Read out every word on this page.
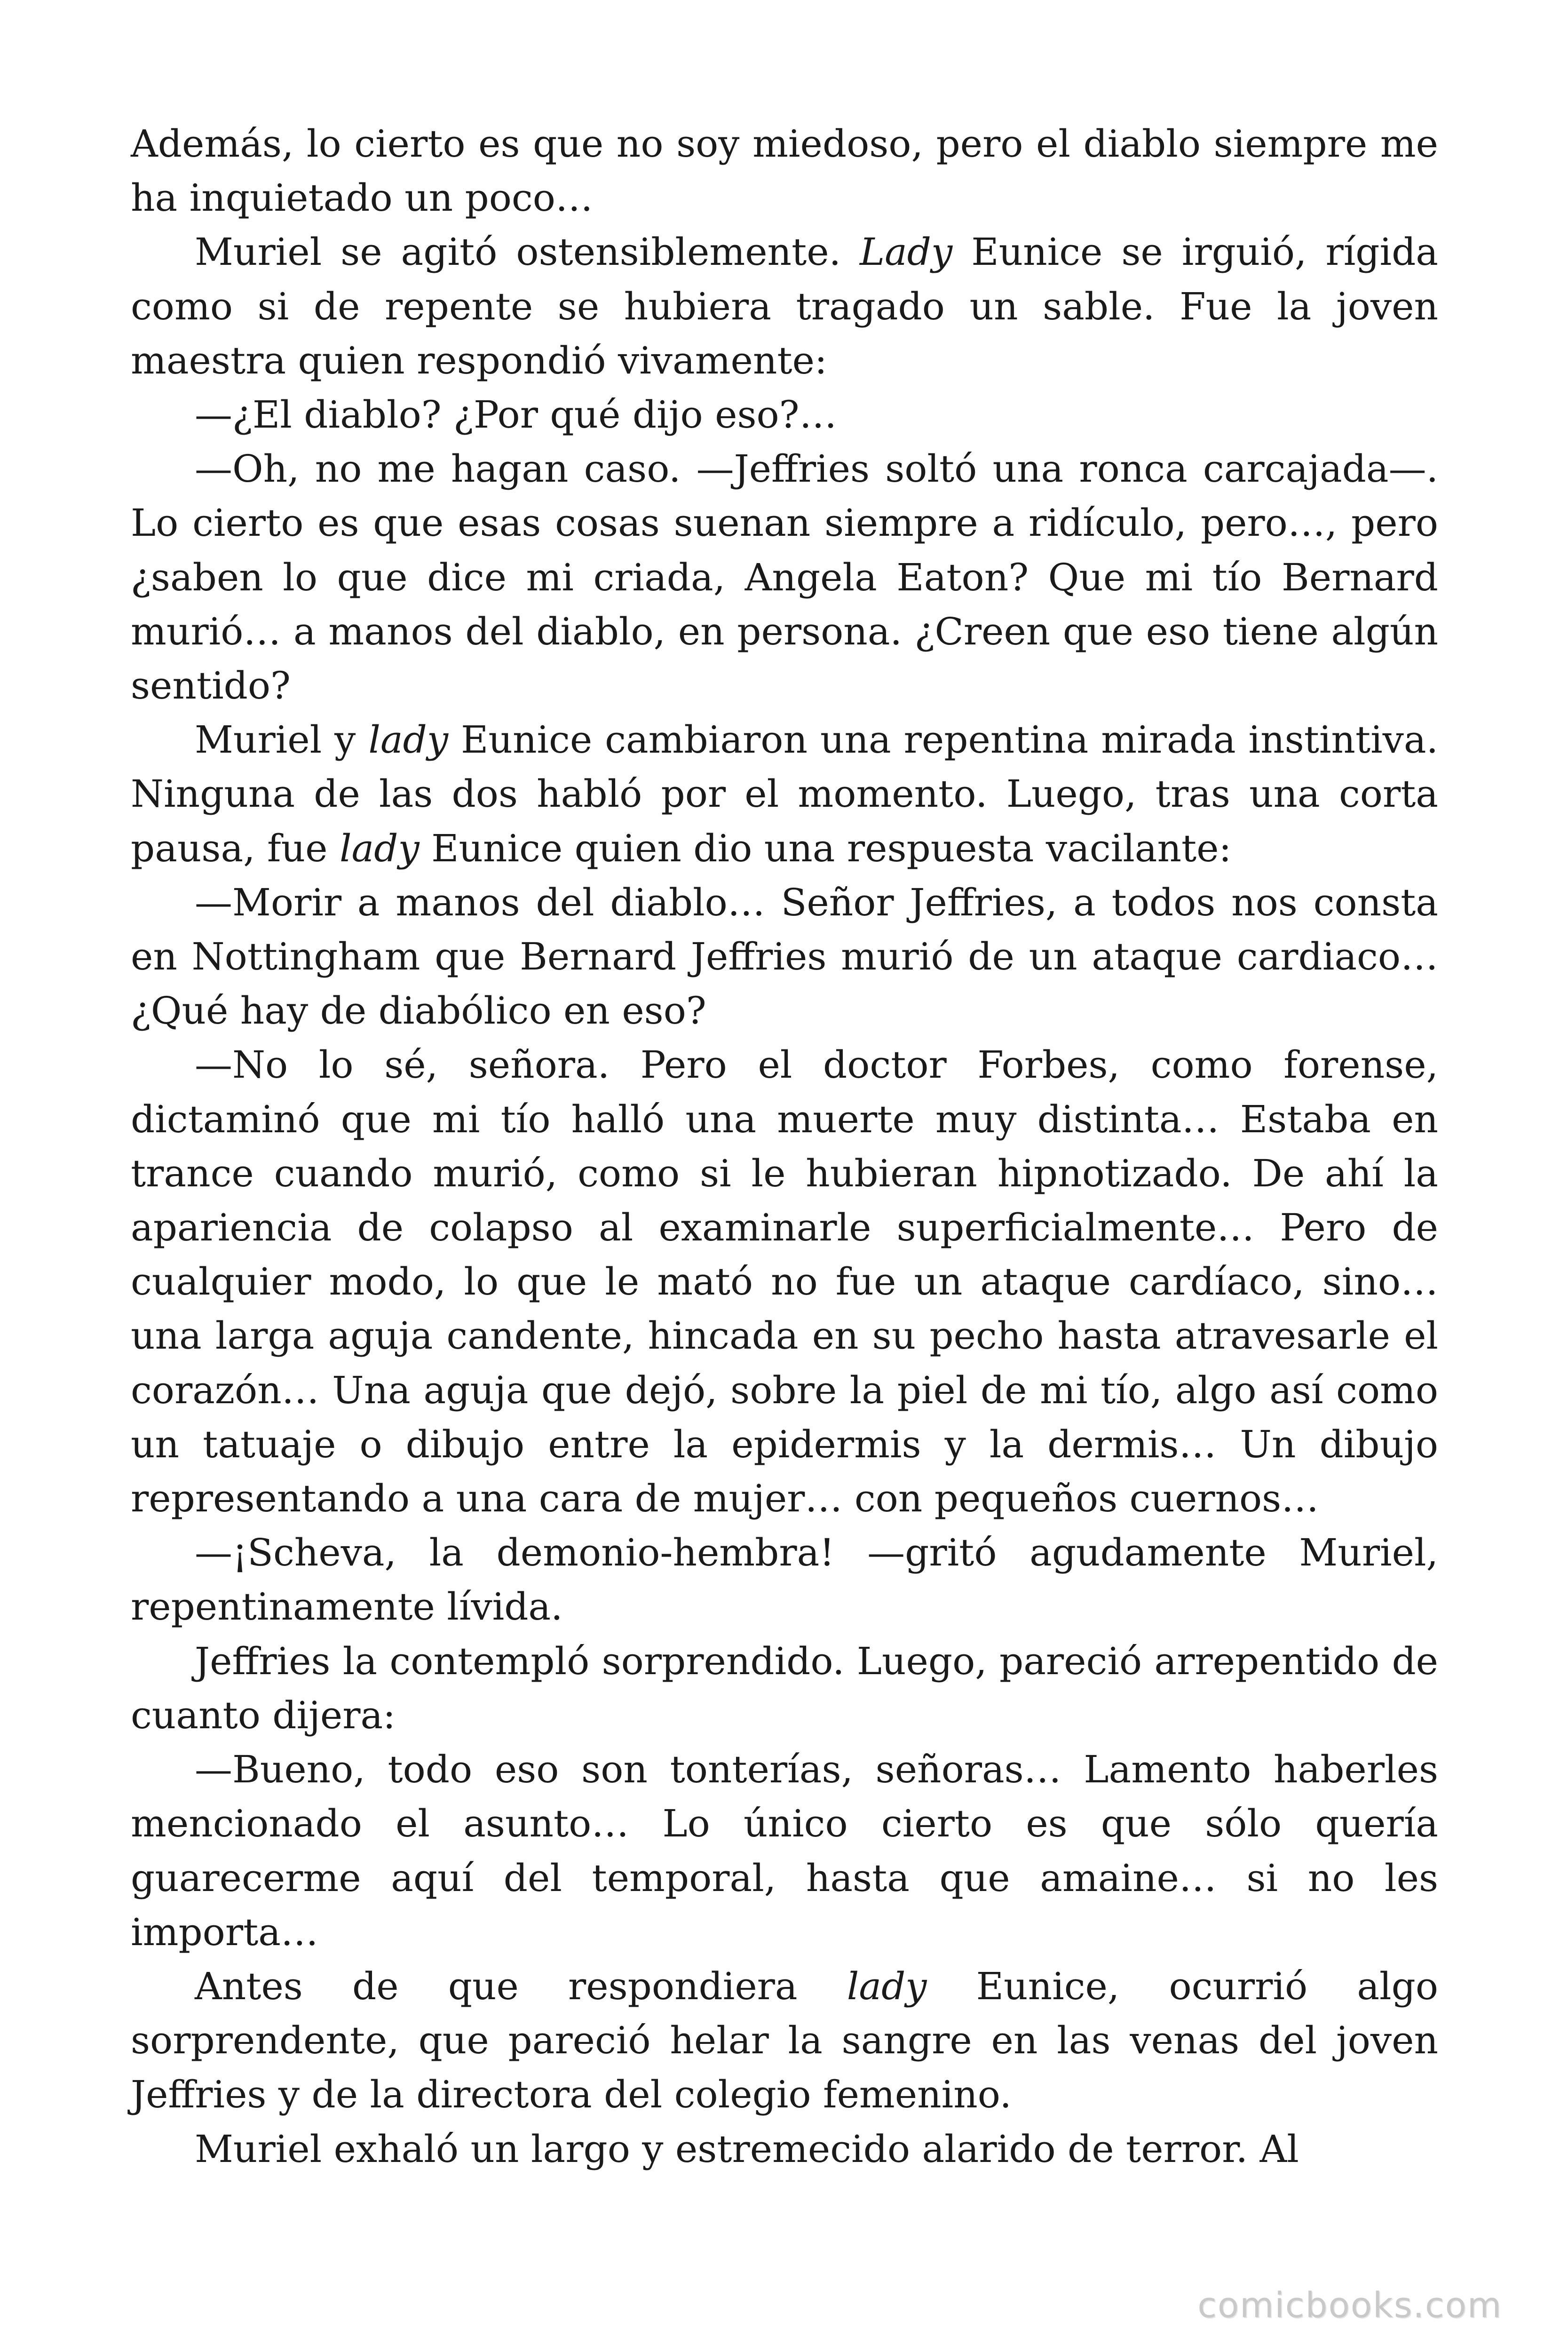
Además, lo cierto es que no soy miedoso, pero el diablo siempre me ha inquietado un poco…

Muriel se agitó ostensiblemente. Lady Eunice se irguió, rígida como si de repente se hubiera tragado un sable. Fue la joven maestra quien respondió vivamente:

—¿El diablo? ¿Por qué dijo eso?…

—Oh, no me hagan caso. —Jeffries soltó una ronca carcajada—. Lo cierto es que esas cosas suenan siempre a ridículo, pero…, pero ¿saben lo que dice mi criada, Angela Eaton? Que mi tío Bernard murió… a manos del diablo, en persona. ¿Creen que eso tiene algún sentido?

Muriel y lady Eunice cambiaron una repentina mirada instintiva. Ninguna de las dos habló por el momento. Luego, tras una corta pausa, fue lady Eunice quien dio una respuesta vacilante:

—Morir a manos del diablo… Señor Jeffries, a todos nos consta en Nottingham que Bernard Jeffries murió de un ataque cardiaco… ¿Qué hay de diabólico en eso?

—No lo sé, señora. Pero el doctor Forbes, como forense, dictaminó que mi tío halló una muerte muy distinta… Estaba en trance cuando murió, como si le hubieran hipnotizado. De ahí la apariencia de colapso al examinarle superficialmente… Pero de cualquier modo, lo que le mató no fue un ataque cardíaco, sino… una larga aguja candente, hincada en su pecho hasta atravesarle el corazón… Una aguja que dejó, sobre la piel de mi tío, algo así como un tatuaje o dibujo entre la epidermis y la dermis… Un dibujo representando a una cara de mujer… con pequeños cuernos…

—¡Scheva, la demonio-hembra! —gritó agudamente Muriel, repentinamente lívida.

Jeffries la contempló sorprendido. Luego, pareció arrepentido de cuanto dijera:

—Bueno, todo eso son tonterías, señoras… Lamento haberles mencionado el asunto… Lo único cierto es que sólo quería guarecerme aquí del temporal, hasta que amaine… si no les importa…

Antes de que respondiera lady Eunice, ocurrió algo sorprendente, que pareció helar la sangre en las venas del joven Jeffries y de la directora del colegio femenino.

Muriel exhaló un largo y estremecido alarido de terror. Al

comicbooks.com
